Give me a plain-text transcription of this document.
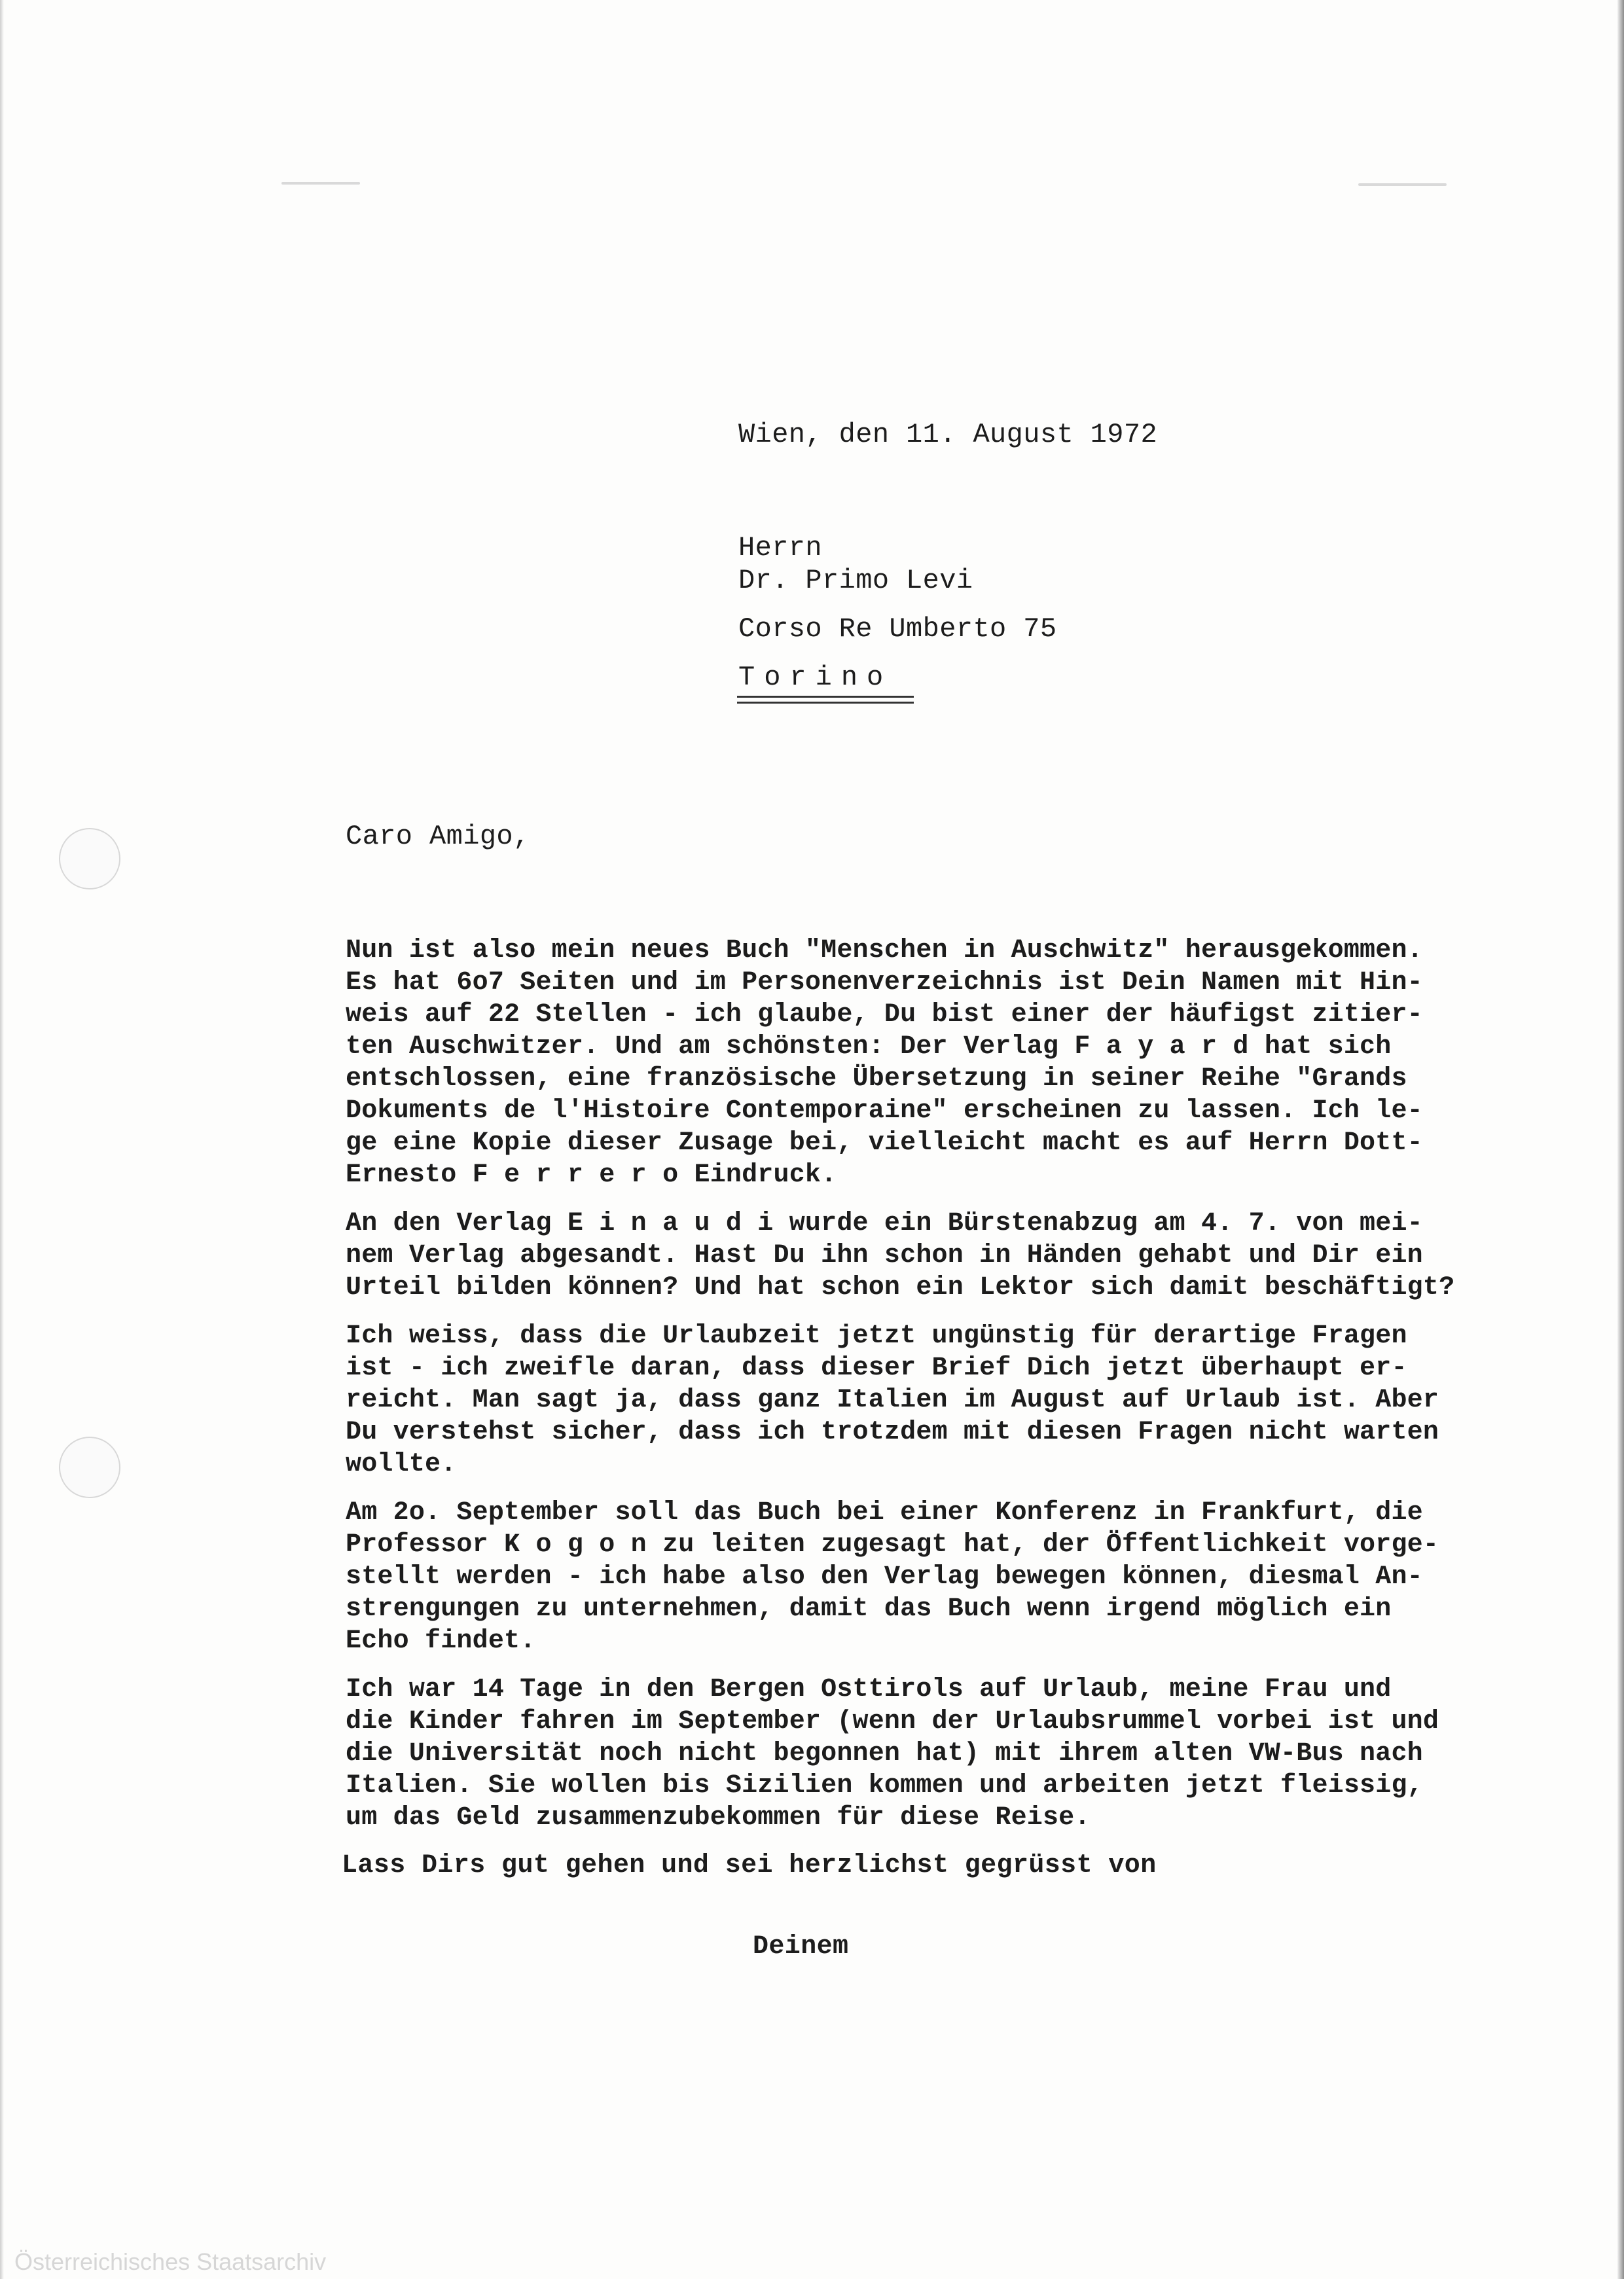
Wien, den 11. August 1972
Herrn
Dr. Primo Levi
Corso Re Umberto 75
Torino
Caro Amigo,
Nun ist also mein neues Buch "Menschen in Auschwitz" herausgekommen.
Es hat 6o7 Seiten und im Personenverzeichnis ist Dein Namen mit Hin-
weis auf 22 Stellen - ich glaube, Du bist einer der häufigst zitier-
ten Auschwitzer. Und am schönsten: Der Verlag F a y a r d hat sich
entschlossen, eine französische Übersetzung in seiner Reihe "Grands
Dokuments de l'Histoire Contemporaine" erscheinen zu lassen. Ich le-
ge eine Kopie dieser Zusage bei, vielleicht macht es auf Herrn Dott-
Ernesto F e r r e r o Eindruck.
An den Verlag E i n a u d i wurde ein Bürstenabzug am 4. 7. von mei-
nem Verlag abgesandt. Hast Du ihn schon in Händen gehabt und Dir ein
Urteil bilden können? Und hat schon ein Lektor sich damit beschäftigt?
Ich weiss, dass die Urlaubzeit jetzt ungünstig für derartige Fragen
ist - ich zweifle daran, dass dieser Brief Dich jetzt überhaupt er-
reicht. Man sagt ja, dass ganz Italien im August auf Urlaub ist. Aber
Du verstehst sicher, dass ich trotzdem mit diesen Fragen nicht warten
wollte.
Am 2o. September soll das Buch bei einer Konferenz in Frankfurt, die
Professor K o g o n zu leiten zugesagt hat, der Öffentlichkeit vorge-
stellt werden - ich habe also den Verlag bewegen können, diesmal An-
strengungen zu unternehmen, damit das Buch wenn irgend möglich ein
Echo findet.
Ich war 14 Tage in den Bergen Osttirols auf Urlaub, meine Frau und
die Kinder fahren im September (wenn der Urlaubsrummel vorbei ist und
die Universität noch nicht begonnen hat) mit ihrem alten VW-Bus nach
Italien. Sie wollen bis Sizilien kommen und arbeiten jetzt fleissig,
um das Geld zusammenzubekommen für diese Reise.
Lass Dirs gut gehen und sei herzlichst gegrüsst von
Deinem
Österreichisches Staatsarchiv
